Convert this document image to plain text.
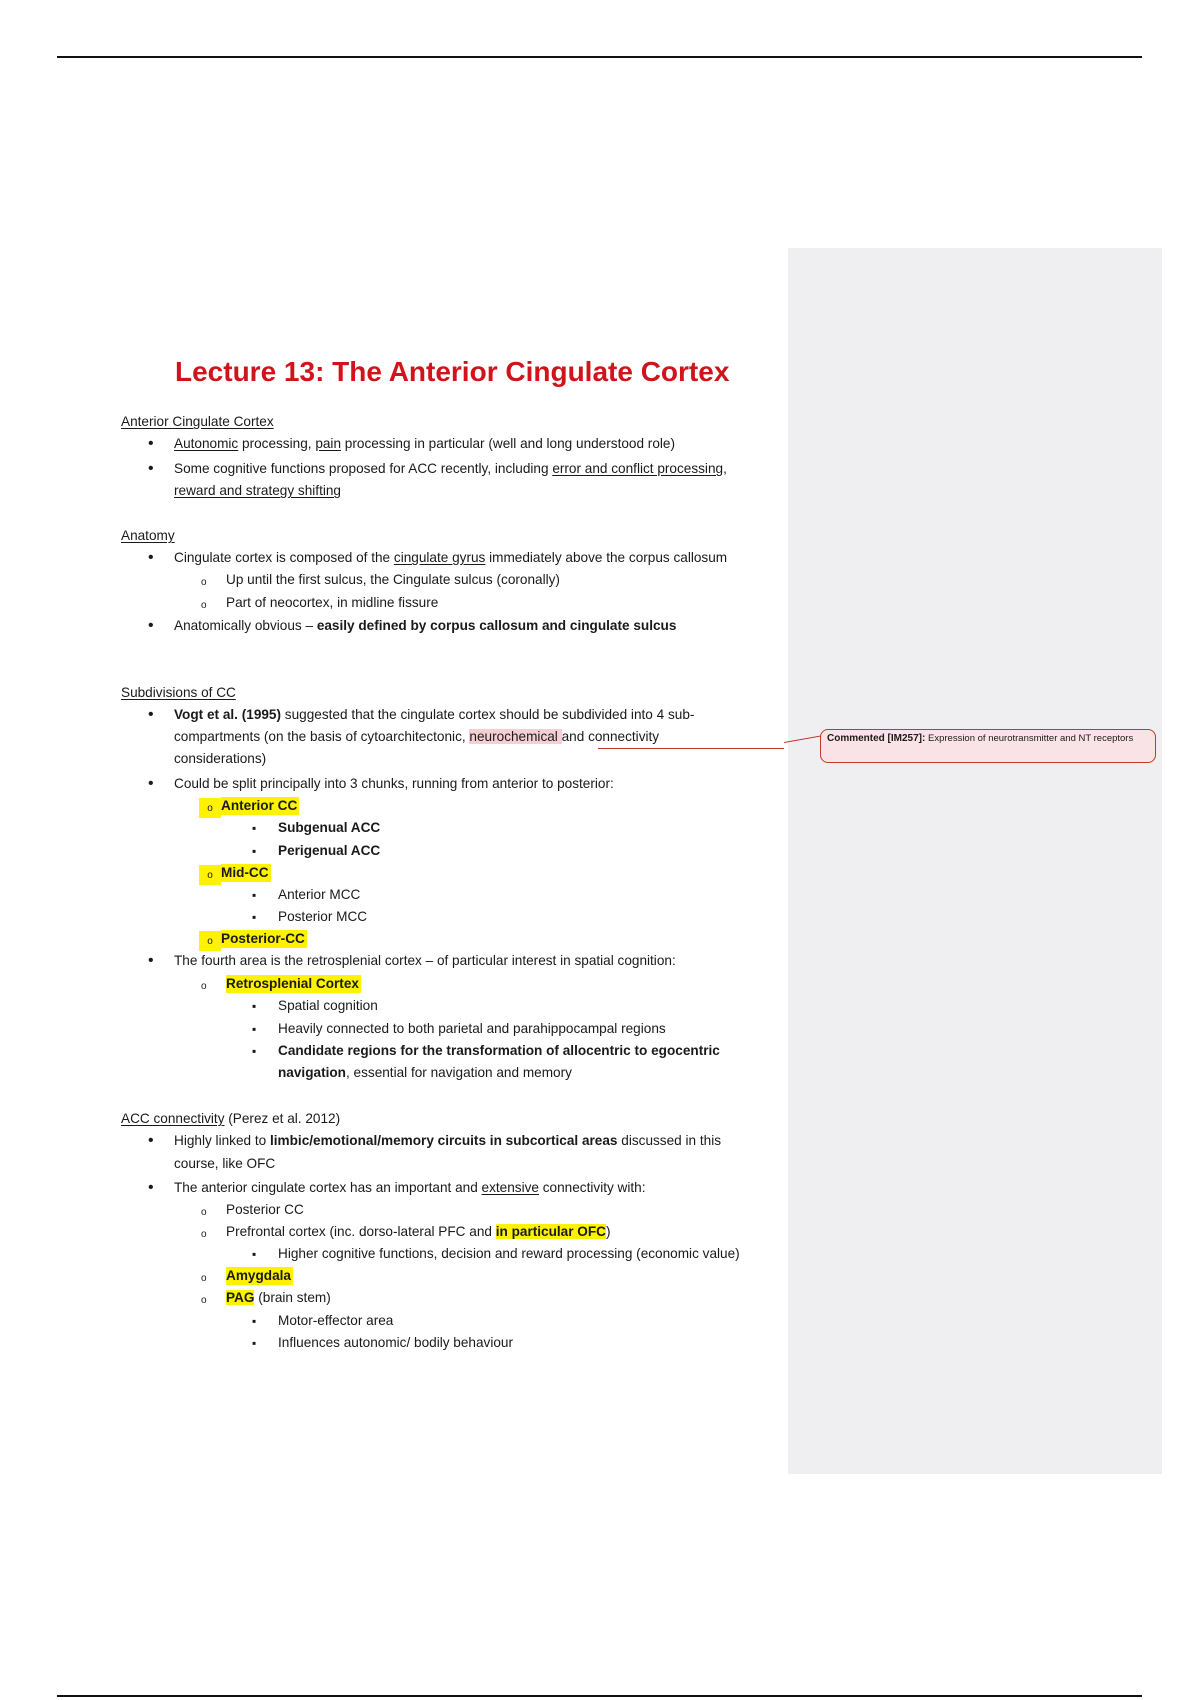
Lecture 13: The Anterior Cingulate Cortex
Anterior Cingulate Cortex
•
Autonomic processing, pain processing in particular (well and long understood role)
•
Some cognitive functions proposed for ACC recently, including error and conflict processing,
reward and strategy shifting
Anatomy
•
Cingulate cortex is composed of the cingulate gyrus immediately above the corpus callosum
o
Up until the first sulcus, the Cingulate sulcus (coronally)
o
Part of neocortex, in midline fissure
•
Anatomically obvious – easily defined by corpus callosum and cingulate sulcus
Subdivisions of CC
•
Vogt et al. (1995) suggested that the cingulate cortex should be subdivided into 4 sub-
compartments (on the basis of cytoarchitectonic, neurochemical and connectivity
considerations)
•
Could be split principally into 3 chunks, running from anterior to posterior:
o
Anterior CC
▪
Subgenual ACC
▪
Perigenual ACC
o
Mid-CC
▪
Anterior MCC
▪
Posterior MCC
o
Posterior-CC
•
The fourth area is the retrosplenial cortex – of particular interest in spatial cognition:
o
Retrosplenial Cortex
▪
Spatial cognition
▪
Heavily connected to both parietal and parahippocampal regions
▪
Candidate regions for the transformation of allocentric to egocentric
navigation, essential for navigation and memory
ACC connectivity (Perez et al. 2012)
•
Highly linked to limbic/emotional/memory circuits in subcortical areas discussed in this
course, like OFC
•
The anterior cingulate cortex has an important and extensive connectivity with:
o
Posterior CC
o
Prefrontal cortex (inc. dorso-lateral PFC and in particular OFC)
▪
Higher cognitive functions, decision and reward processing (economic value)
o
Amygdala
o
PAG (brain stem)
▪
Motor-effector area
▪
Influences autonomic/ bodily behaviour
Commented [IM257]: Expression of neurotransmitter and NT receptors
